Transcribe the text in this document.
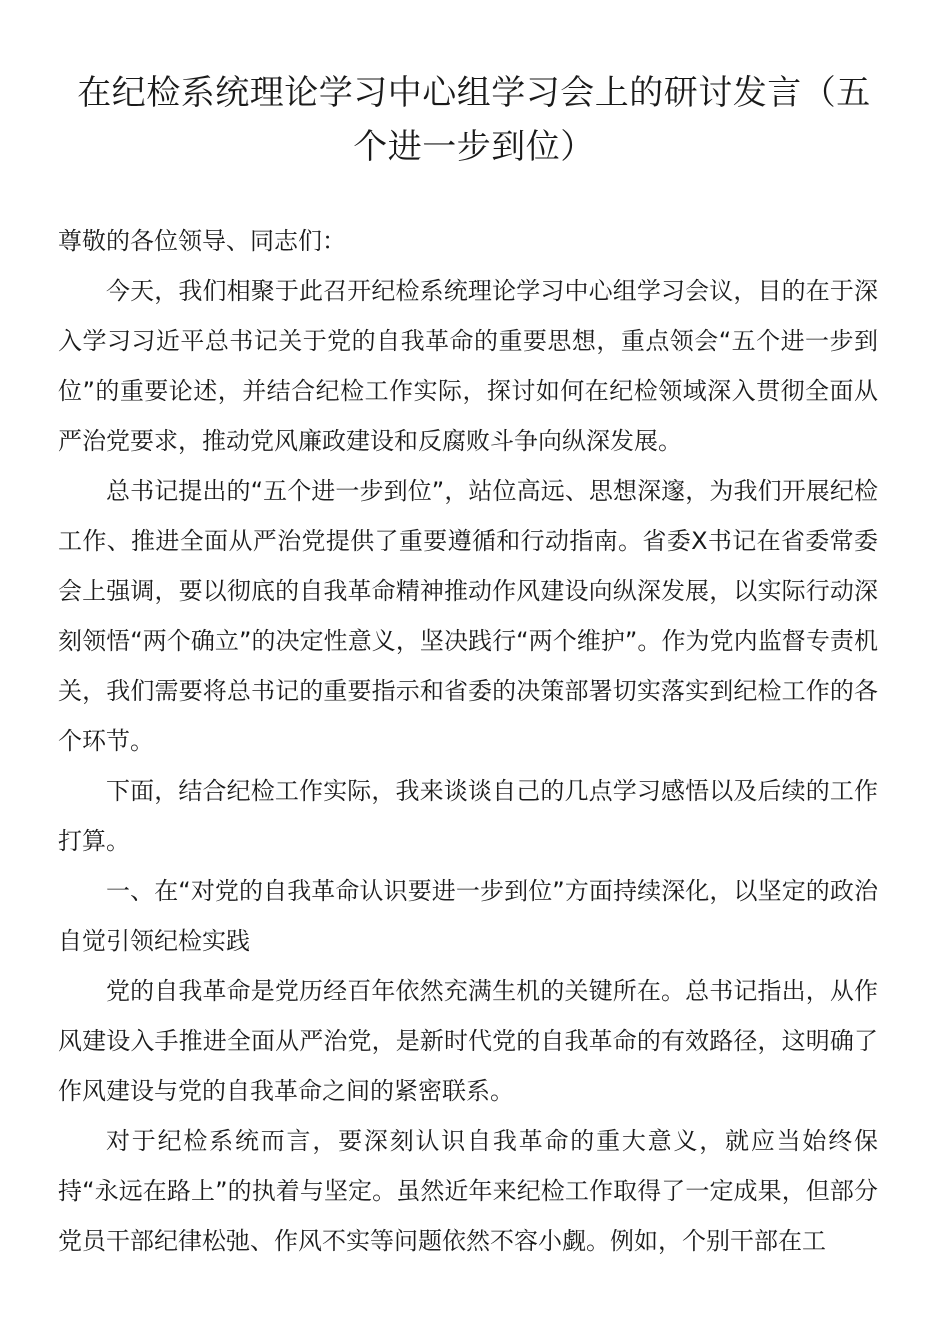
在纪检系统理论学习中心组学习会上的研讨发言（五个进一步到位）

尊敬的各位领导、同志们：

今天，我们相聚于此召开纪检系统理论学习中心组学习会议，目的在于深入学习习近平总书记关于党的自我革命的重要思想，重点领会“五个进一步到位”的重要论述，并结合纪检工作实际，探讨如何在纪检领域深入贯彻全面从严治党要求，推动党风廉政建设和反腐败斗争向纵深发展。

总书记提出的“五个进一步到位”，站位高远、思想深邃，为我们开展纪检工作、推进全面从严治党提供了重要遵循和行动指南。省委X书记在省委常委会上强调，要以彻底的自我革命精神推动作风建设向纵深发展，以实际行动深刻领悟“两个确立”的决定性意义，坚决践行“两个维护”。作为党内监督专责机关，我们需要将总书记的重要指示和省委的决策部署切实落实到纪检工作的各个环节。

下面，结合纪检工作实际，我来谈谈自己的几点学习感悟以及后续的工作打算。

一、在“对党的自我革命认识要进一步到位”方面持续深化，以坚定的政治自觉引领纪检实践

党的自我革命是党历经百年依然充满生机的关键所在。总书记指出，从作风建设入手推进全面从严治党，是新时代党的自我革命的有效路径，这明确了作风建设与党的自我革命之间的紧密联系。

对于纪检系统而言，要深刻认识自我革命的重大意义，就应当始终保持“永远在路上”的执着与坚定。虽然近年来纪检工作取得了一定成果，但部分党员干部纪律松弛、作风不实等问题依然不容小觑。例如，个别干部在工
